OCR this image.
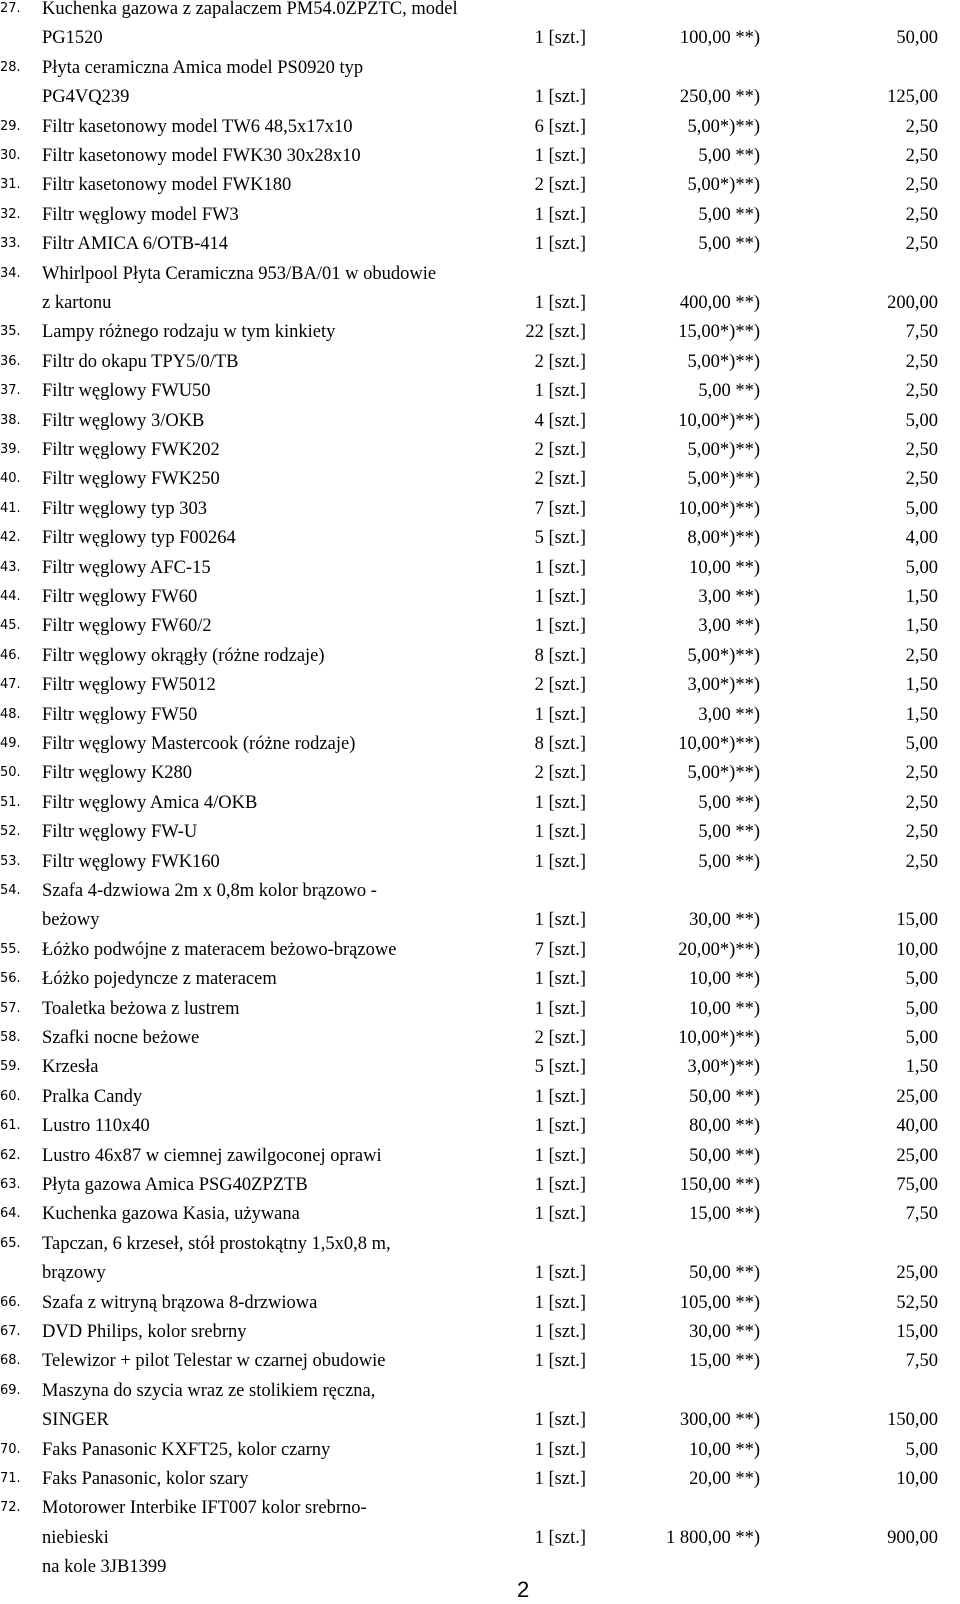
27. Kuchenka gazowa z zapalaczem PM54.0ZPZTC, model
PG1520	1 [szt.]	100,00 **)	50,00
28. Płyta ceramiczna Amica model PS0920 typ
PG4VQ239	1 [szt.]	250,00 **)	125,00
29. Filtr kasetonowy model TW6 48,5x17x10	6 [szt.]	5,00*)**)	2,50
30. Filtr kasetonowy model FWK30 30x28x10	1 [szt.]	5,00 **)	2,50
31. Filtr kasetonowy model FWK180	2 [szt.]	5,00*)**)	2,50
32. Filtr węglowy model FW3	1 [szt.]	5,00 **)	2,50
33. Filtr AMICA 6/OTB-414	1 [szt.]	5,00 **)	2,50
34. Whirlpool Płyta Ceramiczna 953/BA/01 w obudowie
z kartonu	1 [szt.]	400,00 **)	200,00
35. Lampy różnego rodzaju w tym kinkiety	22 [szt.]	15,00*)**)	7,50
36. Filtr do okapu TPY5/0/TB	2 [szt.]	5,00*)**)	2,50
37. Filtr węglowy FWU50	1 [szt.]	5,00 **)	2,50
38. Filtr węglowy 3/OKB	4 [szt.]	10,00*)**)	5,00
39. Filtr węglowy FWK202	2 [szt.]	5,00*)**)	2,50
40. Filtr węglowy FWK250	2 [szt.]	5,00*)**)	2,50
41. Filtr węglowy typ 303	7 [szt.]	10,00*)**)	5,00
42. Filtr węglowy typ F00264	5 [szt.]	8,00*)**)	4,00
43. Filtr węglowy AFC-15	1 [szt.]	10,00 **)	5,00
44. Filtr węglowy FW60	1 [szt.]	3,00 **)	1,50
45. Filtr węglowy FW60/2	1 [szt.]	3,00 **)	1,50
46. Filtr węglowy okrągły (różne rodzaje)	8 [szt.]	5,00*)**)	2,50
47. Filtr węglowy FW5012	2 [szt.]	3,00*)**)	1,50
48. Filtr węglowy FW50	1 [szt.]	3,00 **)	1,50
49. Filtr węglowy Mastercook (różne rodzaje)	8 [szt.]	10,00*)**)	5,00
50. Filtr węglowy K280	2 [szt.]	5,00*)**)	2,50
51. Filtr węglowy Amica 4/OKB	1 [szt.]	5,00 **)	2,50
52. Filtr węglowy FW-U	1 [szt.]	5,00 **)	2,50
53. Filtr węglowy FWK160	1 [szt.]	5,00 **)	2,50
54. Szafa 4-dzwiowa 2m x 0,8m kolor brązowo -
beżowy	1 [szt.]	30,00 **)	15,00
55. Łóżko podwójne z materacem beżowo-brązowe	7 [szt.]	20,00*)**)	10,00
56. Łóżko pojedyncze z materacem	1 [szt.]	10,00 **)	5,00
57. Toaletka beżowa z lustrem	1 [szt.]	10,00 **)	5,00
58. Szafki nocne beżowe	2 [szt.]	10,00*)**)	5,00
59. Krzesła	5 [szt.]	3,00*)**)	1,50
60. Pralka Candy	1 [szt.]	50,00 **)	25,00
61. Lustro 110x40	1 [szt.]	80,00 **)	40,00
62. Lustro 46x87 w ciemnej zawilgoconej oprawi	1 [szt.]	50,00 **)	25,00
63. Płyta gazowa Amica PSG40ZPZTB	1 [szt.]	150,00 **)	75,00
64. Kuchenka gazowa Kasia, używana	1 [szt.]	15,00 **)	7,50
65. Tapczan, 6 krzeseł, stół prostokątny 1,5x0,8 m,
brązowy	1 [szt.]	50,00 **)	25,00
66. Szafa z witryną brązowa 8-drzwiowa	1 [szt.]	105,00 **)	52,50
67. DVD Philips, kolor srebrny	1 [szt.]	30,00 **)	15,00
68. Telewizor + pilot Telestar w czarnej obudowie	1 [szt.]	15,00 **)	7,50
69. Maszyna do szycia wraz ze stolikiem ręczna,
SINGER	1 [szt.]	300,00 **)	150,00
70. Faks Panasonic KXFT25, kolor czarny	1 [szt.]	10,00 **)	5,00
71. Faks Panasonic, kolor szary	1 [szt.]	20,00 **)	10,00
72. Motorower Interbike IFT007 kolor srebrno-
niebieski	1 [szt.]	1 800,00 **)	900,00
na kole 3JB1399
2
